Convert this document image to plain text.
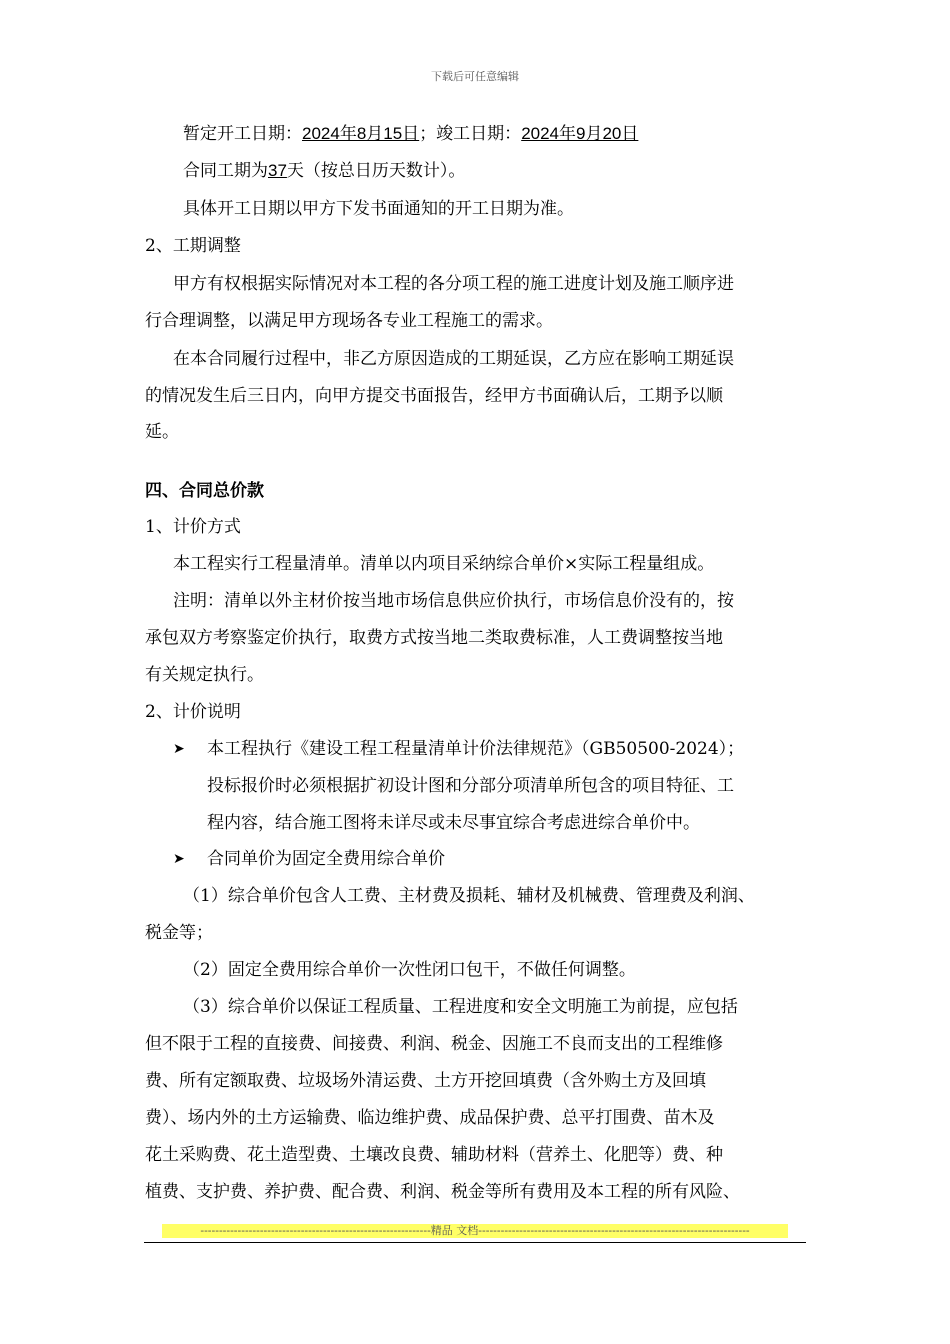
下载后可任意编辑
暂定开工日期：2024年8月15日；竣工日期：2024年9月20日
合同工期为37天（按总日历天数计）。
具体开工日期以甲方下发书面通知的开工日期为准。
2、工期调整
甲方有权根据实际情况对本工程的各分项工程的施工进度计划及施工顺序进
行合理调整，以满足甲方现场各专业工程施工的需求。
在本合同履行过程中，非乙方原因造成的工期延误，乙方应在影响工期延误
的情况发生后三日内，向甲方提交书面报告，经甲方书面确认后，工期予以顺
延。
四、合同总价款
1、计价方式
本工程实行工程量清单。清单以内项目采纳综合单价×实际工程量组成。
注明：清单以外主材价按当地市场信息供应价执行，市场信息价没有的，按
承包双方考察鉴定价执行，取费方式按当地二类取费标准，人工费调整按当地
有关规定执行。
2、计价说明
➤ 本工程执行《建设工程工程量清单计价法律规范》（GB50500-2024）；
投标报价时必须根据扩初设计图和分部分项清单所包含的项目特征、工
程内容，结合施工图将未详尽或未尽事宜综合考虑进综合单价中。
➤ 合同单价为固定全费用综合单价
（1）综合单价包含人工费、主材费及损耗、辅材及机械费、管理费及利润、
税金等；
（2）固定全费用综合单价一次性闭口包干，不做任何调整。
（3）综合单价以保证工程质量、工程进度和安全文明施工为前提，应包括
但不限于工程的直接费、间接费、利润、税金、因施工不良而支出的工程维修
费、所有定额取费、垃圾场外清运费、土方开挖回填费（含外购土方及回填
费）、场内外的土方运输费、临边维护费、成品保护费、总平打围费、苗木及
花土采购费、花土造型费、土壤改良费、辅助材料（营养土、化肥等）费、种
植费、支护费、养护费、配合费、利润、税金等所有费用及本工程的所有风险、
--------------------------------------------------------------精品 文档-------------------------------------------------------------------------
